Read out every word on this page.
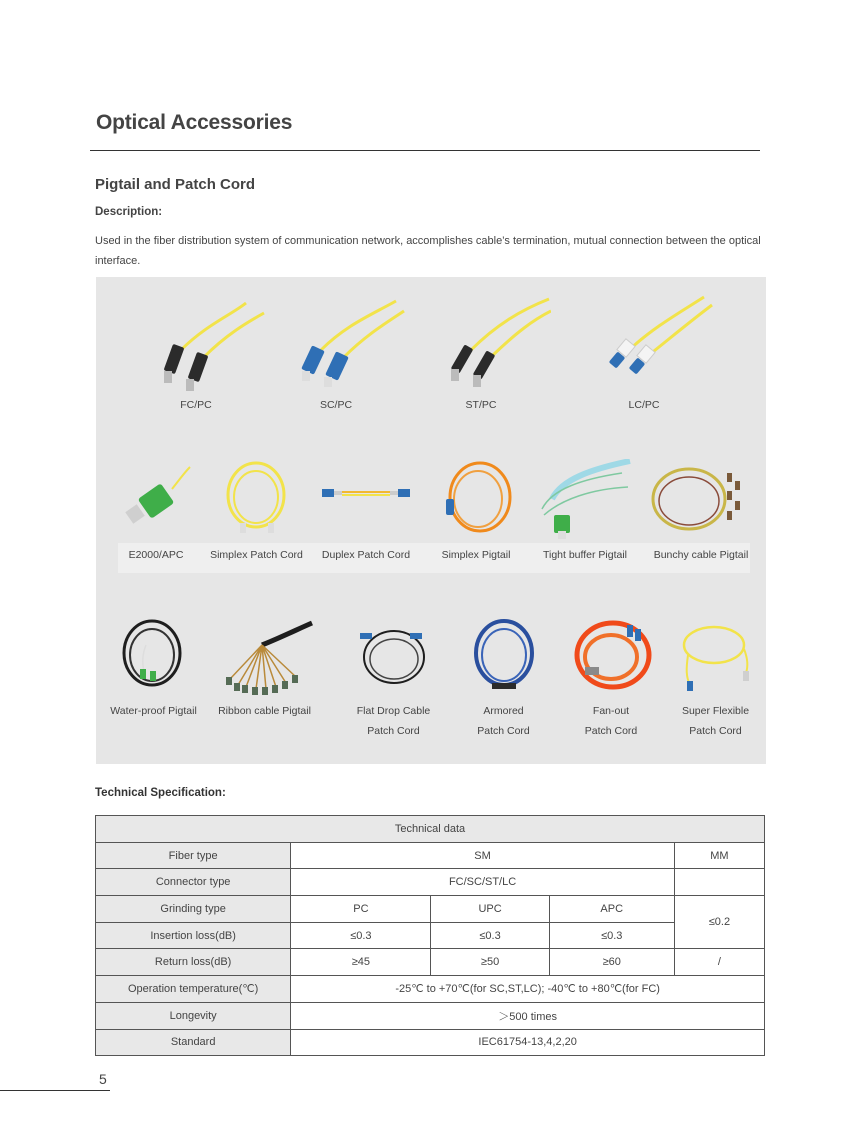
Optical Accessories
Pigtail and Patch Cord
Description:
Used in the fiber distribution system of communication network, accomplishes cable’s termination, mutual connection between the optical interface.
FC/PC	SC/PC	ST/PC	LC/PC
E2000/APC	Simplex Patch Cord	Duplex Patch Cord	Simplex Pigtail	Tight buffer Pigtail	Bunchy cable Pigtail
Water-proof Pigtail	Ribbon cable Pigtail	Flat Drop Cable
Patch Cord
Armored
Patch Cord
Fan-out
Patch Cord
Super Flexible
Patch Cord
Technical Specification:
Technical data				
Fiber type	SM			MM
Connector type	FC/SC/ST/LC			
Grinding type	PC	UPC	APC	≤0.2
Insertion loss(dB)	≤0.3	≤0.3	≤0.3	
Return loss(dB)	≥45	≥50	≥60	/
Operation temperature(℃)	-25℃ to +70℃(for SC,ST,LC); -40℃ to +80℃(for FC)			
Longevity	＞500 times			
Standard	IEC61754-13,4,2,20			
5
